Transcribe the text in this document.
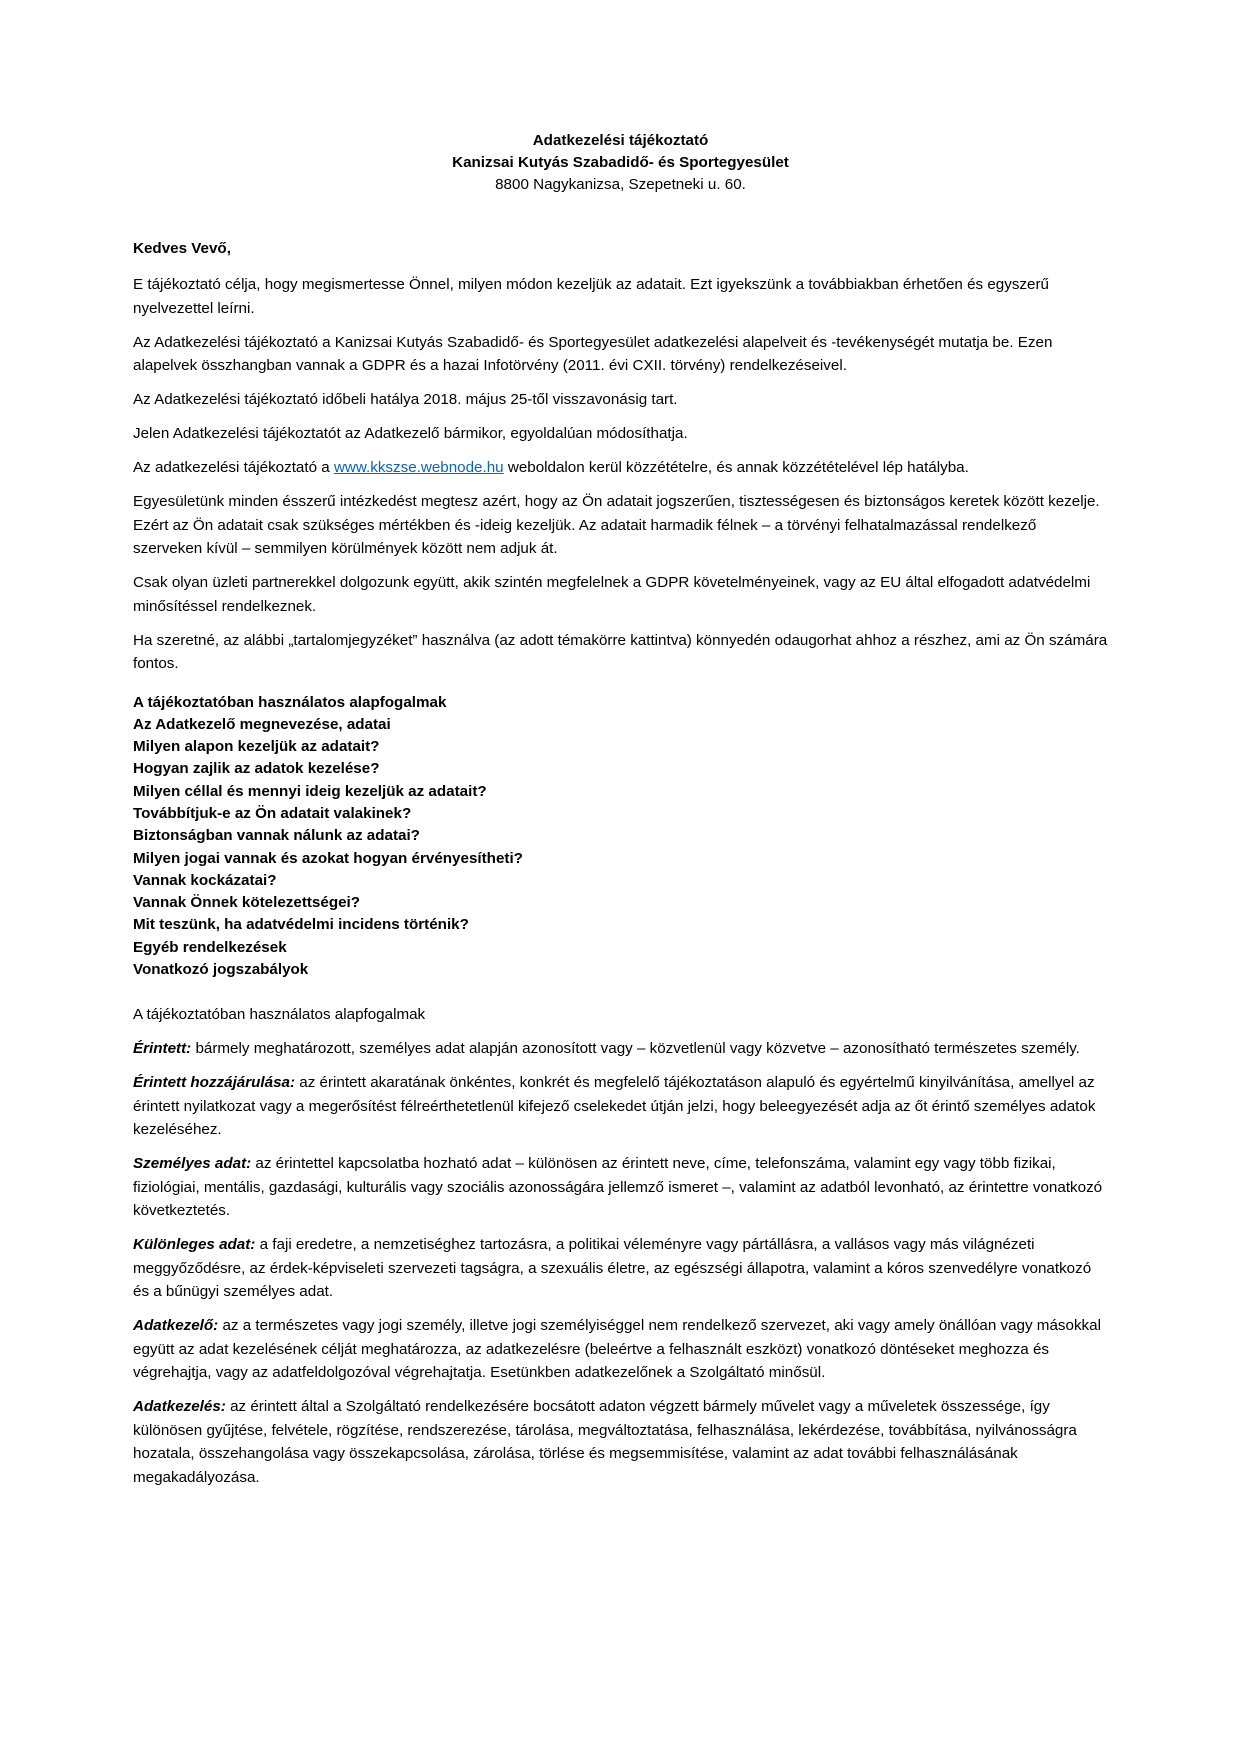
Adatkezelési tájékoztató
Kanizsai Kutyás Szabadidő- és Sportegyesület
8800 Nagykanizsa, Szepetneki u. 60.

Kedves Vevő,

E tájékoztató célja, hogy megismertesse Önnel, milyen módon kezeljük az adatait. Ezt igyekszünk a továbbiakban érhetően és egyszerű nyelvezettel leírni.

Az Adatkezelési tájékoztató a Kanizsai Kutyás Szabadidő- és Sportegyesület adatkezelési alapelveit és -tevékenységét mutatja be. Ezen alapelvek összhangban vannak a GDPR és a hazai Infotörvény (2011. évi CXII. törvény) rendelkezéseivel.

Az Adatkezelési tájékoztató időbeli hatálya 2018. május 25-től visszavonásig tart.

Jelen Adatkezelési tájékoztatót az Adatkezelő bármikor, egyoldalúan módosíthatja.

Az adatkezelési tájékoztató a www.kkszse.webnode.hu weboldalon kerül közzétételre, és annak közzétételével lép hatályba.

Egyesületünk minden ésszerű intézkedést megtesz azért, hogy az Ön adatait jogszerűen, tisztességesen és biztonságos keretek között kezelje. Ezért az Ön adatait csak szükséges mértékben és -ideig kezeljük. Az adatait harmadik félnek – a törvényi felhatalmazással rendelkező szerveken kívül – semmilyen körülmények között nem adjuk át.

Csak olyan üzleti partnerekkel dolgozunk együtt, akik szintén megfelelnek a GDPR követelményeinek, vagy az EU által elfogadott adatvédelmi minősítéssel rendelkeznek.

Ha szeretné, az alábbi „tartalomjegyzéket” használva (az adott témakörre kattintva) könnyedén odaugorhat ahhoz a részhez, ami az Ön számára fontos.

A tájékoztatóban használatos alapfogalmak
Az Adatkezelő megnevezése, adatai
Milyen alapon kezeljük az adatait?
Hogyan zajlik az adatok kezelése?
Milyen céllal és mennyi ideig kezeljük az adatait?
Továbbítjuk-e az Ön adatait valakinek?
Biztonságban vannak nálunk az adatai?
Milyen jogai vannak és azokat hogyan érvényesítheti?
Vannak kockázatai?
Vannak Önnek kötelezettségei?
Mit teszünk, ha adatvédelmi incidens történik?
Egyéb rendelkezések
Vonatkozó jogszabályok

A tájékoztatóban használatos alapfogalmak

Érintett: bármely meghatározott, személyes adat alapján azonosított vagy – közvetlenül vagy közvetve – azonosítható természetes személy.

Érintett hozzájárulása: az érintett akaratának önkéntes, konkrét és megfelelő tájékoztatáson alapuló és egyértelmű kinyilvánítása, amellyel az érintett nyilatkozat vagy a megerősítést félreérthetetlenül kifejező cselekedet útján jelzi, hogy beleegyezését adja az őt érintő személyes adatok kezeléséhez.

Személyes adat: az érintettel kapcsolatba hozható adat – különösen az érintett neve, címe, telefonszáma, valamint egy vagy több fizikai, fiziológiai, mentális, gazdasági, kulturális vagy szociális azonosságára jellemző ismeret –, valamint az adatból levonható, az érintettre vonatkozó következtetés.

Különleges adat: a faji eredetre, a nemzetiséghez tartozásra, a politikai véleményre vagy pártállásra, a vallásos vagy más világnézeti meggyőződésre, az érdek-képviseleti szervezeti tagságra, a szexuális életre, az egészségi állapotra, valamint a kóros szenvedélyre vonatkozó és a bűnügyi személyes adat.

Adatkezelő: az a természetes vagy jogi személy, illetve jogi személyiséggel nem rendelkező szervezet, aki vagy amely önállóan vagy másokkal együtt az adat kezelésének célját meghatározza, az adatkezelésre (beleértve a felhasznált eszközt) vonatkozó döntéseket meghozza és végrehajtja, vagy az adatfeldolgozóval végrehajtatja. Esetünkben adatkezelőnek a Szolgáltató minősül.

Adatkezelés: az érintett által a Szolgáltató rendelkezésére bocsátott adaton végzett bármely művelet vagy a műveletek összessége, így különösen gyűjtése, felvétele, rögzítése, rendszerezése, tárolása, megváltoztatása, felhasználása, lekérdezése, továbbítása, nyilvánosságra hozatala, összehangolása vagy összekapcsolása, zárolása, törlése és megsemmisítése, valamint az adat további felhasználásának megakadályozása.
